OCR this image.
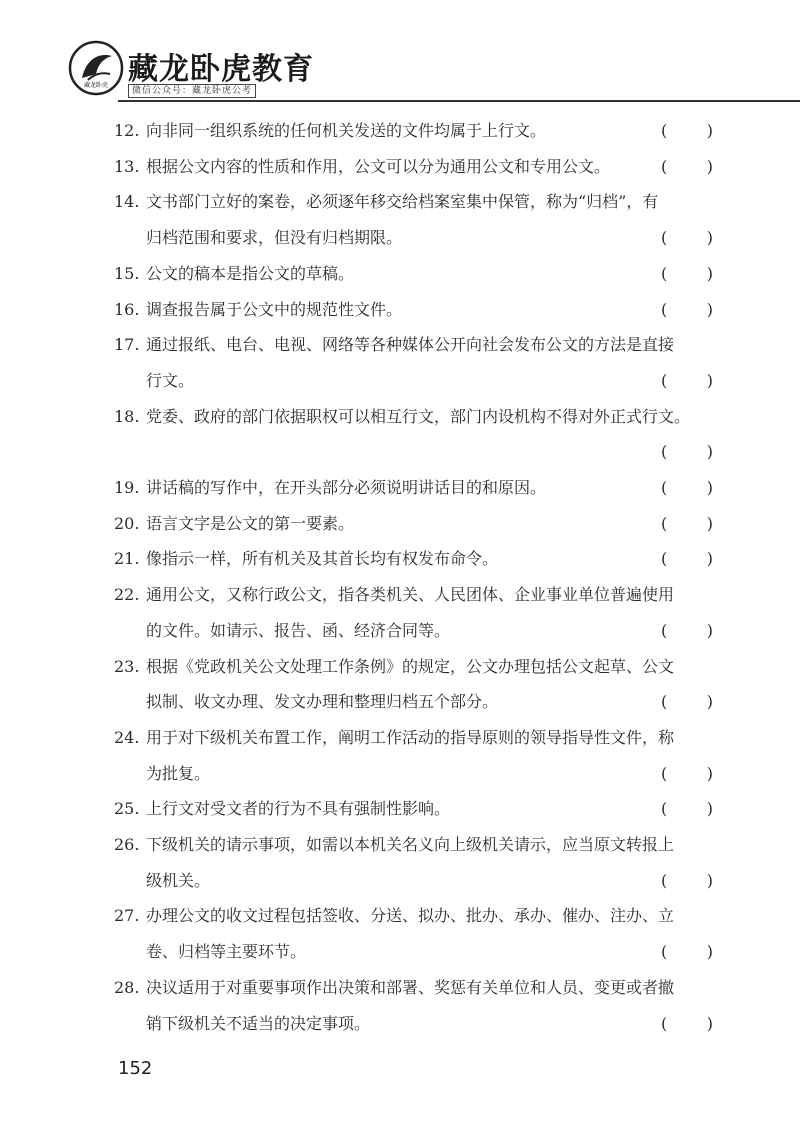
藏龙卧虎 藏龙卧虎教育
微信公众号：藏龙卧虎公考
12. 向非同一组织系统的任何机关发送的文件均属于上行文。	( )
13. 根据公文内容的性质和作用，公文可以分为通用公文和专用公文。	( )
14. 文书部门立好的案卷，必须逐年移交给档案室集中保管，称为“归档”，有
归档范围和要求，但没有归档期限。	( )
15. 公文的稿本是指公文的草稿。	( )
16. 调查报告属于公文中的规范性文件。	( )
17. 通过报纸、电台、电视、网络等各种媒体公开向社会发布公文的方法是直接
行文。	( )
18. 党委、政府的部门依据职权可以相互行文，部门内设机构不得对外正式行文。
( )
19. 讲话稿的写作中，在开头部分必须说明讲话目的和原因。	( )
20. 语言文字是公文的第一要素。	( )
21. 像指示一样，所有机关及其首长均有权发布命令。	( )
22. 通用公文，又称行政公文，指各类机关、人民团体、企业事业单位普遍使用
的文件。如请示、报告、函、经济合同等。	( )
23. 根据《党政机关公文处理工作条例》的规定，公文办理包括公文起草、公文
拟制、收文办理、发文办理和整理归档五个部分。	( )
24. 用于对下级机关布置工作，阐明工作活动的指导原则的领导指导性文件，称
为批复。	( )
25. 上行文对受文者的行为不具有强制性影响。	( )
26. 下级机关的请示事项，如需以本机关名义向上级机关请示，应当原文转报上
级机关。	( )
27. 办理公文的收文过程包括签收、分送、拟办、批办、承办、催办、注办、立
卷、归档等主要环节。	( )
28. 决议适用于对重要事项作出决策和部署、奖惩有关单位和人员、变更或者撤
销下级机关不适当的决定事项。	( )
152
